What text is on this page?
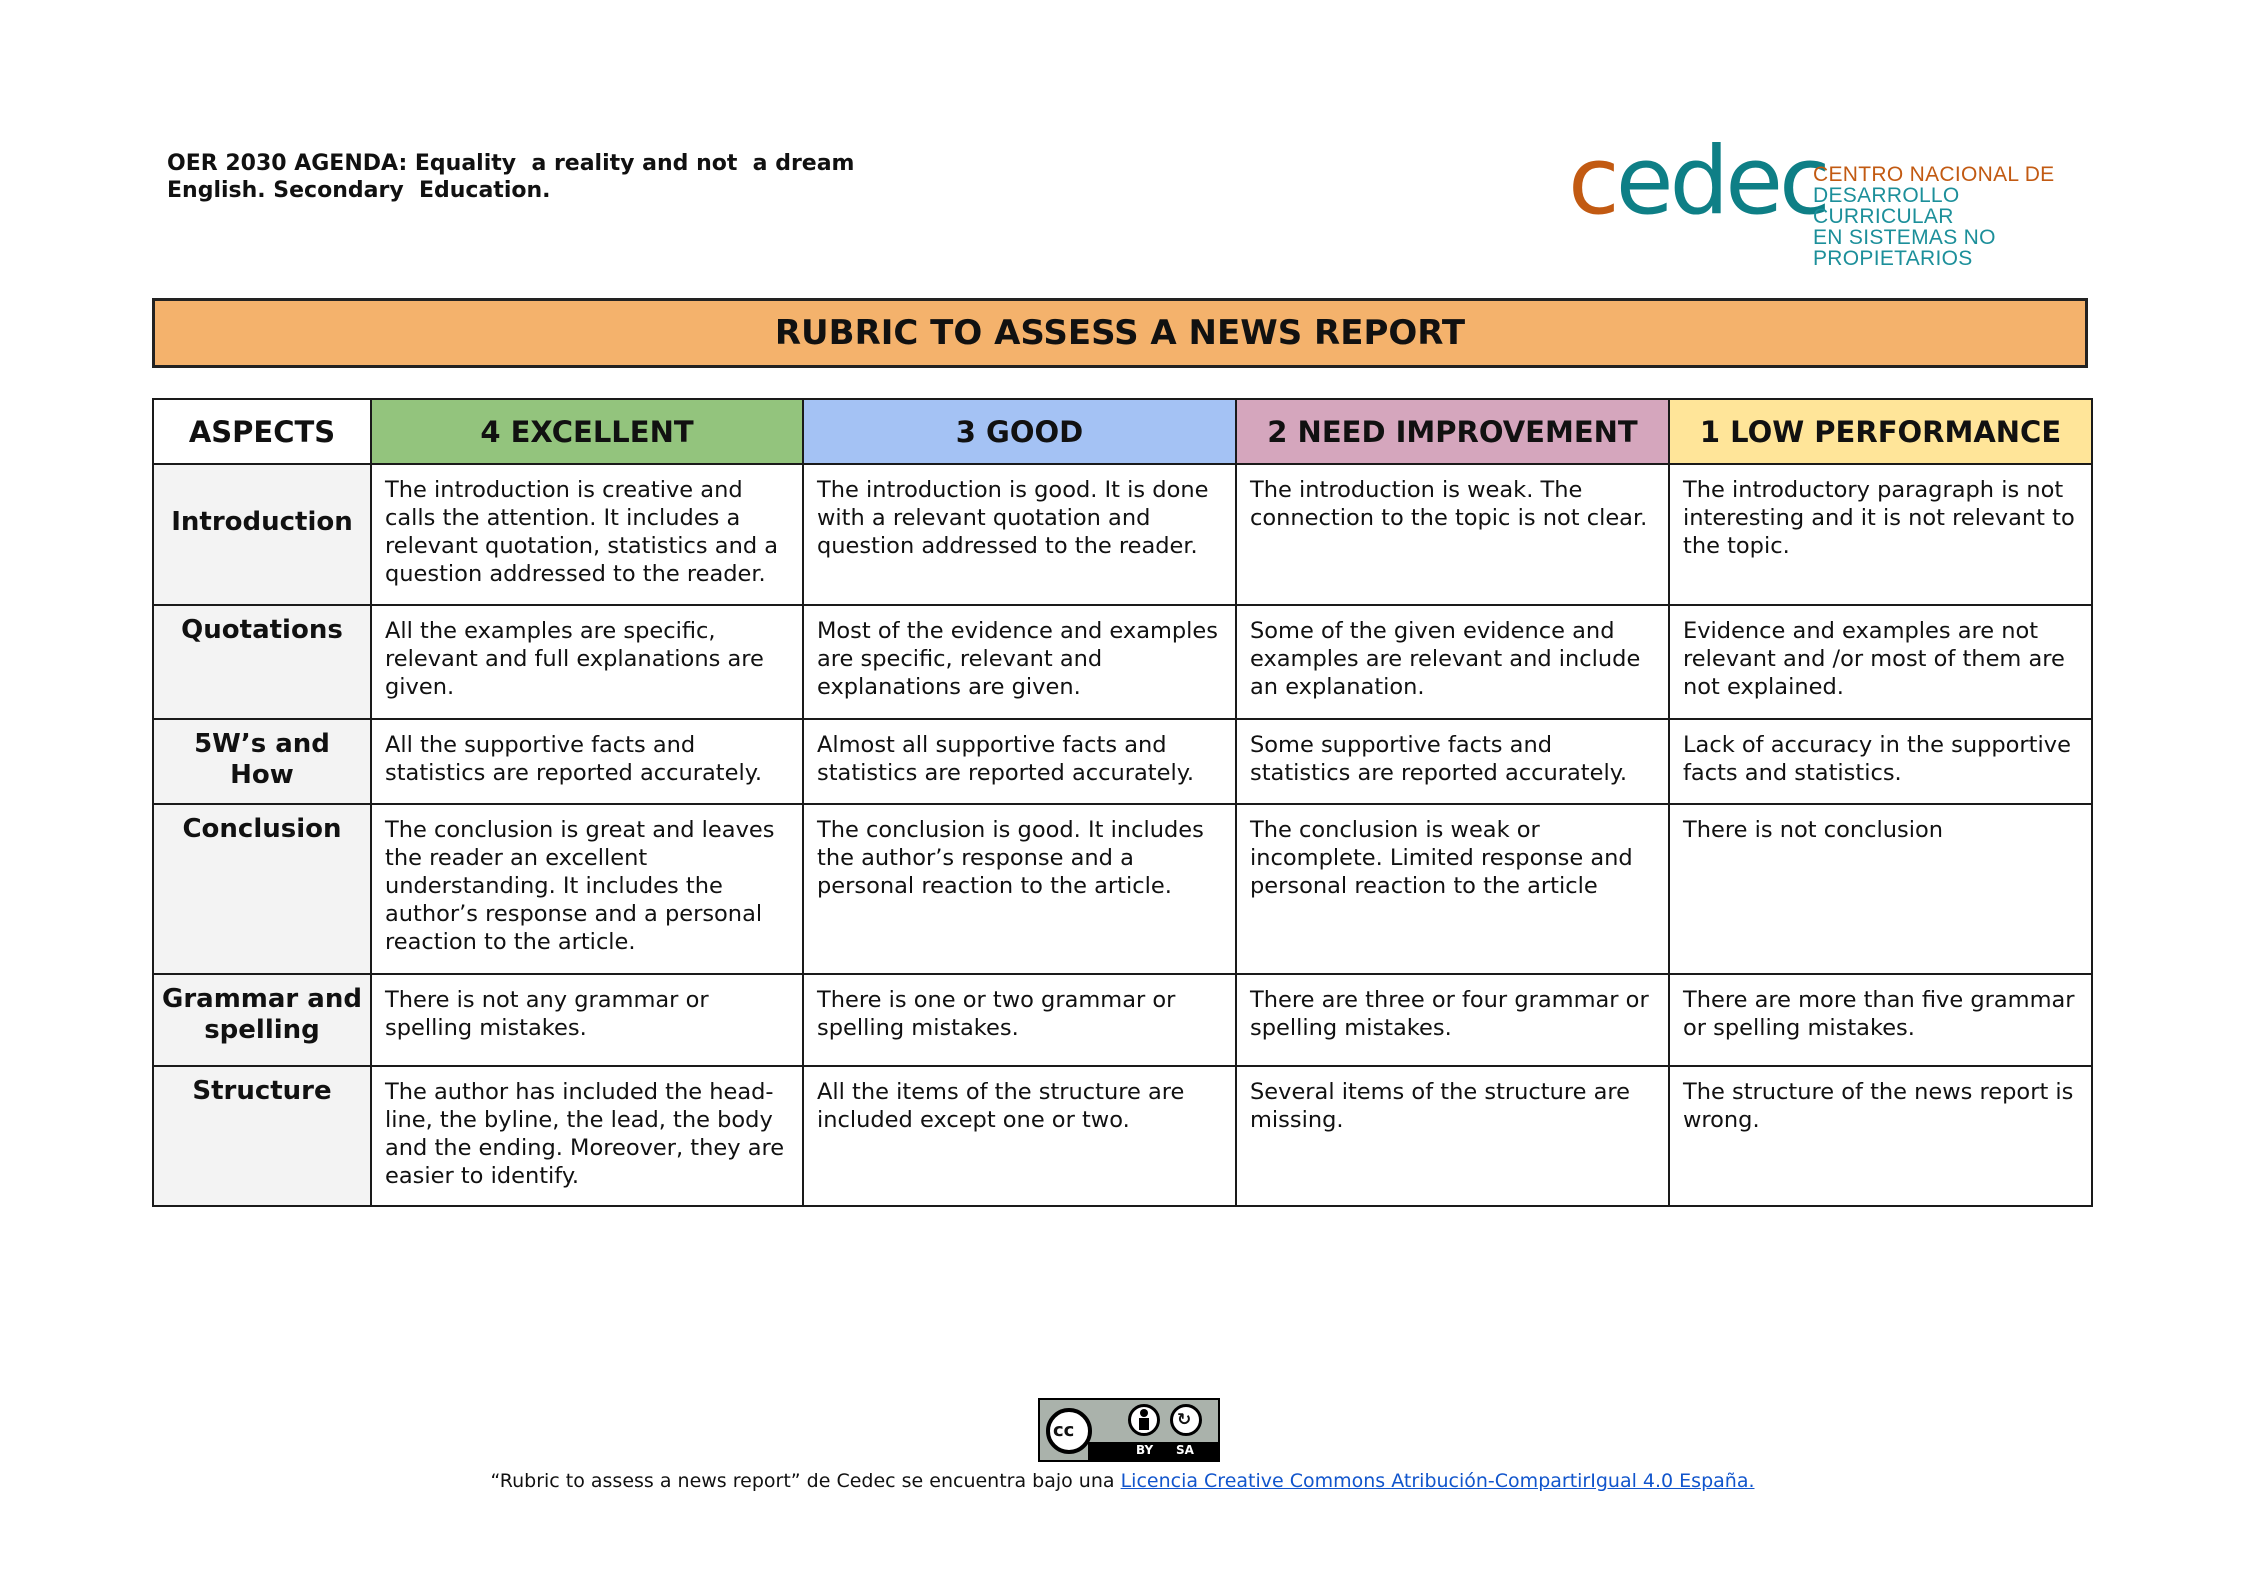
OER 2030 AGENDA: Equality  a reality and not  a dream
English. Secondary  Education.	cedec
CENTRO NACIONAL DE
DESARROLLO CURRICULAR
EN SISTEMAS NO PROPIETARIOS
RUBRIC TO ASSESS A NEWS REPORT
ASPECTS	4 EXCELLENT	3 GOOD	2 NEED IMPROVEMENT	1 LOW PERFORMANCE
Introduction	The introduction is creative and calls the attention. It includes a relevant quotation, statistics and a question addressed to the reader.	The introduction is good. It is done with a relevant quotation and question addressed to the reader.	The introduction is weak. The connection to the topic is not clear.	The introductory paragraph is not interesting and it is not relevant to the topic.
Quotations	All the examples are specific, relevant and full explanations are given.	Most of the evidence and examples are specific, relevant and explanations are given.	Some of the given evidence and examples are relevant and include an explanation.	Evidence and examples are not relevant and /or most of them are not explained.
5W’s and How	All the supportive facts and statistics are reported accurately.	Almost all supportive facts and statistics are reported accurately.	Some supportive facts and statistics are reported accurately.	Lack of accuracy in the supportive facts and statistics.
Conclusion	The conclusion is great and leaves the reader an excellent understanding. It includes the author’s response and a personal reaction to the article.	The conclusion is good. It includes the author’s response and a personal reaction to the article.	The conclusion is weak or incomplete. Limited response and personal reaction to the article	There is not conclusion
Grammar and spelling	There is not any grammar or spelling mistakes.	There is one or two grammar or spelling mistakes.	There are three or four grammar or spelling mistakes.	There are more than five grammar or spelling mistakes.
Structure	The author has included the head-line, the byline, the lead, the body and the ending. Moreover, they are easier to identify.	All the items of the structure are included except one or two.	Several items of the structure are missing.	The structure of the news report is wrong.
cc	↻
BY SA
“Rubric to assess a news report” de Cedec se encuentra bajo una Licencia Creative Commons Atribución-CompartirIgual 4.0 España.
